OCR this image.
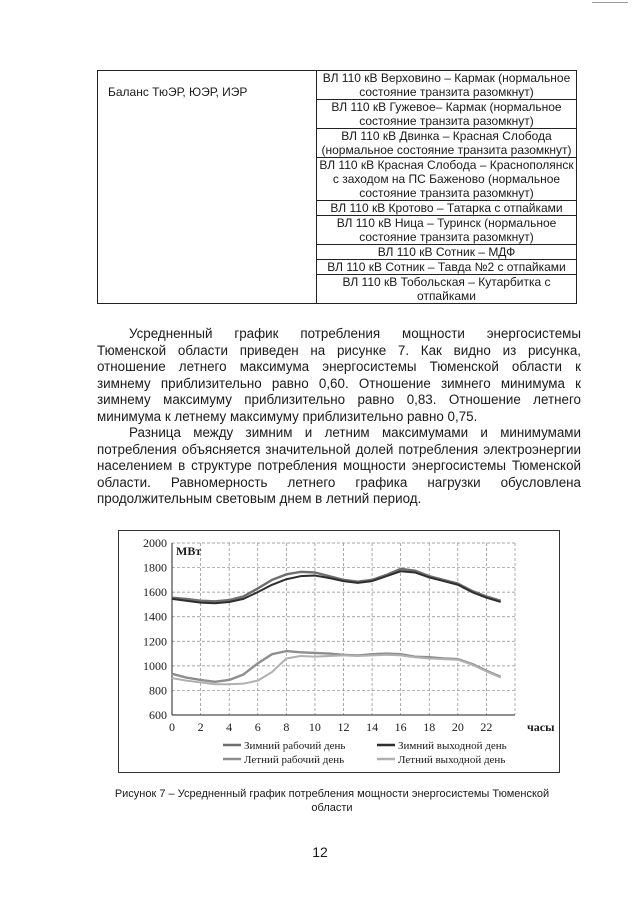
Баланс ТюЭР, ЮЭР, ИЭР	ВЛ 110 кВ Верховино – Кармак (нормальное состояние транзита разомкнут)
ВЛ 110 кВ Гужевое– Кармак (нормальное состояние транзита разомкнут)
ВЛ 110 кВ Двинка – Красная Слобода (нормальное состояние транзита разомкнут)
ВЛ 110 кВ Красная Слобода – Краснополянск с заходом на ПС Баженово (нормальное состояние транзита разомкнут)
ВЛ 110 кВ Кротово – Татарка с отпайками
ВЛ 110 кВ Ница – Туринск (нормальное состояние транзита разомкнут)
ВЛ 110 кВ Сотник – МДФ
ВЛ 110 кВ Сотник – Тавда №2 с отпайками
ВЛ 110 кВ Тобольская – Кутарбитка с отпайками

Усредненный график потребления мощности энергосистемы Тюменской области приведен на рисунке 7. Как видно из рисунка, отношение летнего максимума энергосистемы Тюменской области к зимнему приблизительно равно 0,60. Отношение зимнего минимума к зимнему максимуму приблизительно равно 0,83. Отношение летнего минимума к летнему максимуму приблизительно равно 0,75.

Разница между зимним и летним максимумами и минимумами потребления объясняется значительной долей потребления электроэнергии населением в структуре потребления мощности энергосистемы Тюменской области. Равномерность летнего графика нагрузки обусловлена продолжительным световым днем в летний период.

600
800
1000
1200
1400
1600
1800
2000
0 2 4 6 8 10 12 14 16 18 20 22
МВт
часы
Зимний рабочий день	Зимний выходной день
Летний рабочий день	Летний выходной день
Рисунок 7 – Усредненный график потребления мощности энергосистемы Тюменской области
12
